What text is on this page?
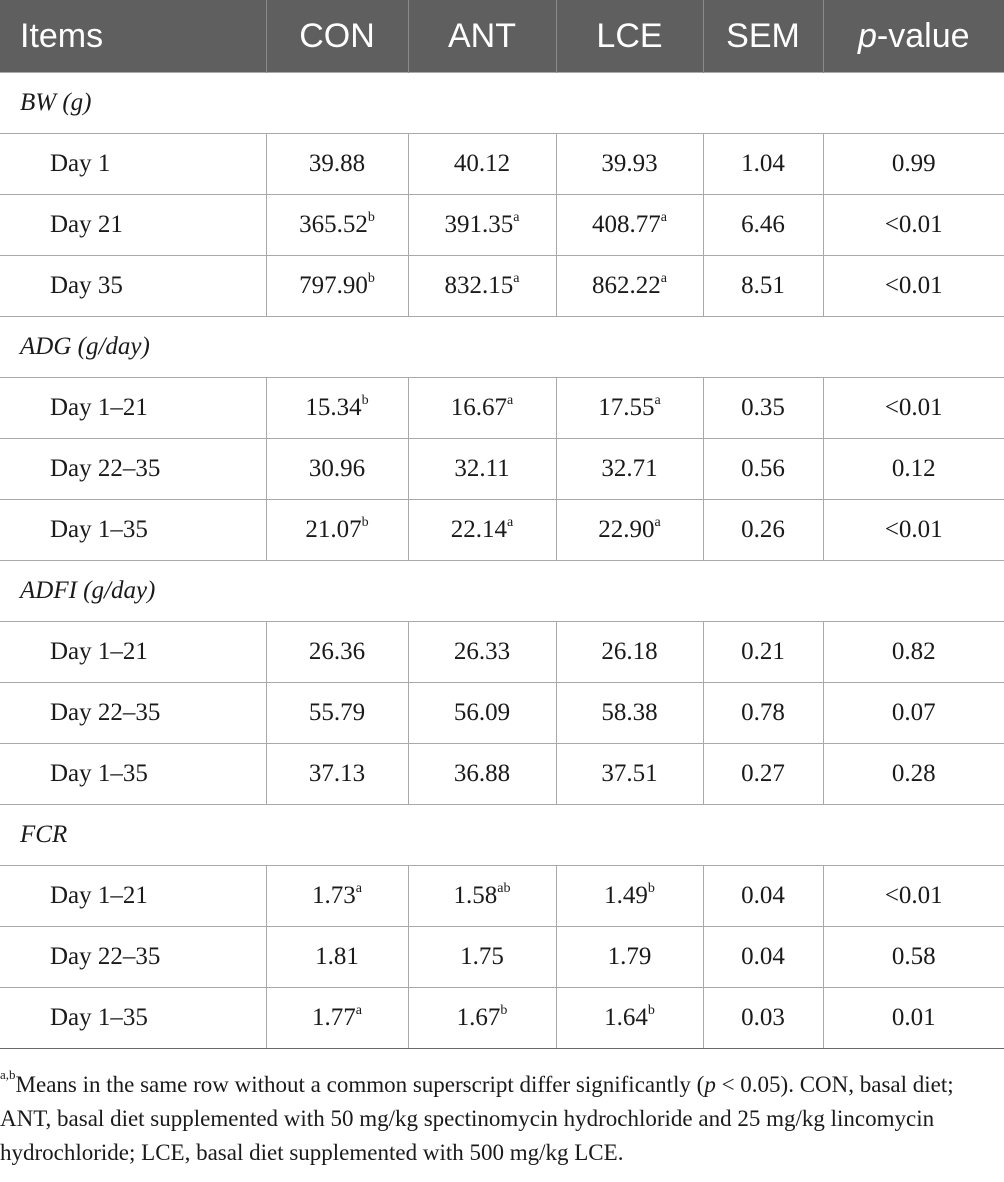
Items	CON	ANT	LCE	SEM	p-value
BW (g)					
Day 1	39.88	40.12	39.93	1.04	0.99
Day 21	365.52$^b$	391.35$^a$	408.77$^a$	6.46	<0.01
Day 35	797.90$^b$	832.15$^a$	862.22$^a$	8.51	<0.01
ADG (g/day)					
Day 1–21	15.34$^b$	16.67$^a$	17.55$^a$	0.35	<0.01
Day 22–35	30.96	32.11	32.71	0.56	0.12
Day 1–35	21.07$^b$	22.14$^a$	22.90$^a$	0.26	<0.01
ADFI (g/day)					
Day 1–21	26.36	26.33	26.18	0.21	0.82
Day 22–35	55.79	56.09	58.38	0.78	0.07
Day 1–35	37.13	36.88	37.51	0.27	0.28
FCR					
Day 1–21	1.73$^a$	1.58$^{ab}$	1.49$^b$	0.04	<0.01
Day 22–35	1.81	1.75	1.79	0.04	0.58
Day 1–35	1.77$^a$	1.67$^b$	1.64$^b$	0.03	0.01
$^{a,b}$Means in the same row without a common superscript differ significantly (p < 0.05). CON, basal diet; ANT, basal diet supplemented with 50 mg/kg spectinomycin hydrochloride and 25 mg/kg lincomycin hydrochloride; LCE, basal diet supplemented with 500 mg/kg LCE.
